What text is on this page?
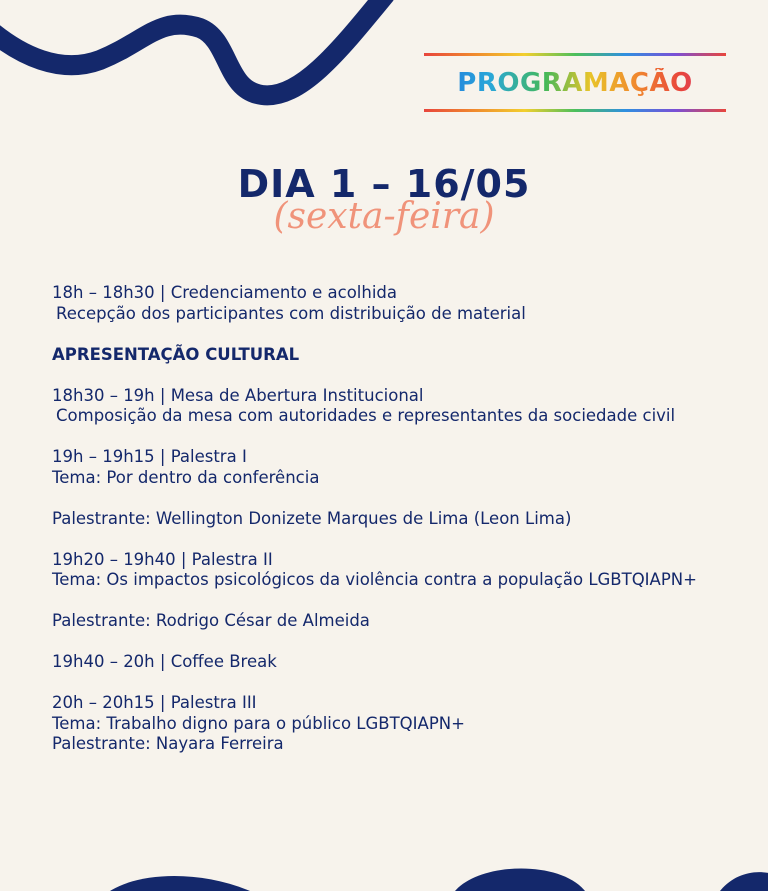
PROGRAMAÇÃO
DIA 1 – 16/05
(sexta-feira)
18h – 18h30 | Credenciamento e acolhida
Recepção dos participantes com distribuição de material
APRESENTAÇÃO CULTURAL
18h30 – 19h | Mesa de Abertura Institucional
Composição da mesa com autoridades e representantes da sociedade civil
19h – 19h15 | Palestra I
Tema: Por dentro da conferência
Palestrante: Wellington Donizete Marques de Lima (Leon Lima)
19h20 – 19h40 | Palestra II
Tema: Os impactos psicológicos da violência contra a população LGBTQIAPN+
Palestrante: Rodrigo César de Almeida
19h40 – 20h | Coffee Break
20h – 20h15 | Palestra III
Tema: Trabalho digno para o público LGBTQIAPN+
Palestrante: Nayara Ferreira
